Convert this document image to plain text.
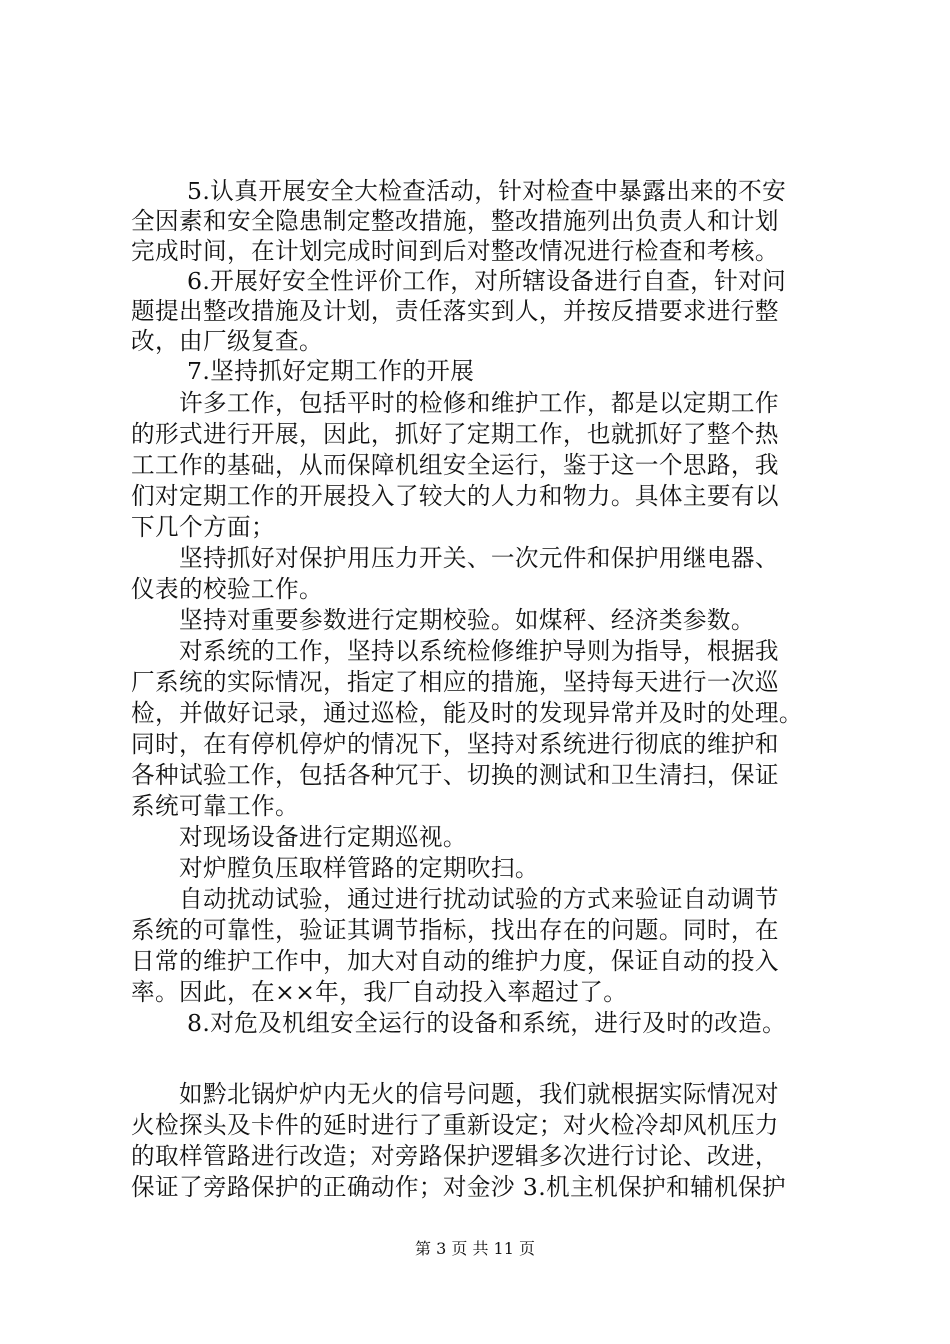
5.认真开展安全大检查活动，针对检查中暴露出来的不安
全因素和安全隐患制定整改措施，整改措施列出负责人和计划
完成时间，在计划完成时间到后对整改情况进行检查和考核。
6.开展好安全性评价工作，对所辖设备进行自查，针对问
题提出整改措施及计划，责任落实到人，并按反措要求进行整
改，由厂级复查。
7.坚持抓好定期工作的开展
许多工作，包括平时的检修和维护工作，都是以定期工作
的形式进行开展，因此，抓好了定期工作，也就抓好了整个热
工工作的基础，从而保障机组安全运行，鉴于这一个思路，我
们对定期工作的开展投入了较大的人力和物力。具体主要有以
下几个方面；
坚持抓好对保护用压力开关、一次元件和保护用继电器、
仪表的校验工作。
坚持对重要参数进行定期校验。如煤秤、经济类参数。
对系统的工作，坚持以系统检修维护导则为指导，根据我
厂系统的实际情况，指定了相应的措施，坚持每天进行一次巡
检，并做好记录，通过巡检，能及时的发现异常并及时的处理。
同时，在有停机停炉的情况下，坚持对系统进行彻底的维护和
各种试验工作，包括各种冗于、切换的测试和卫生清扫，保证
系统可靠工作。
对现场设备进行定期巡视。
对炉膛负压取样管路的定期吹扫。
自动扰动试验，通过进行扰动试验的方式来验证自动调节
系统的可靠性，验证其调节指标，找出存在的问题。同时，在
日常的维护工作中，加大对自动的维护力度，保证自动的投入
率。因此，在××年，我厂自动投入率超过了。
8.对危及机组安全运行的设备和系统，进行及时的改造。
如黔北锅炉炉内无火的信号问题，我们就根据实际情况对
火检探头及卡件的延时进行了重新设定；对火检冷却风机压力
的取样管路进行改造；对旁路保护逻辑多次进行讨论、改进，
保证了旁路保护的正确动作；对金沙 3.机主机保护和辅机保护
第 3 页 共 11 页
